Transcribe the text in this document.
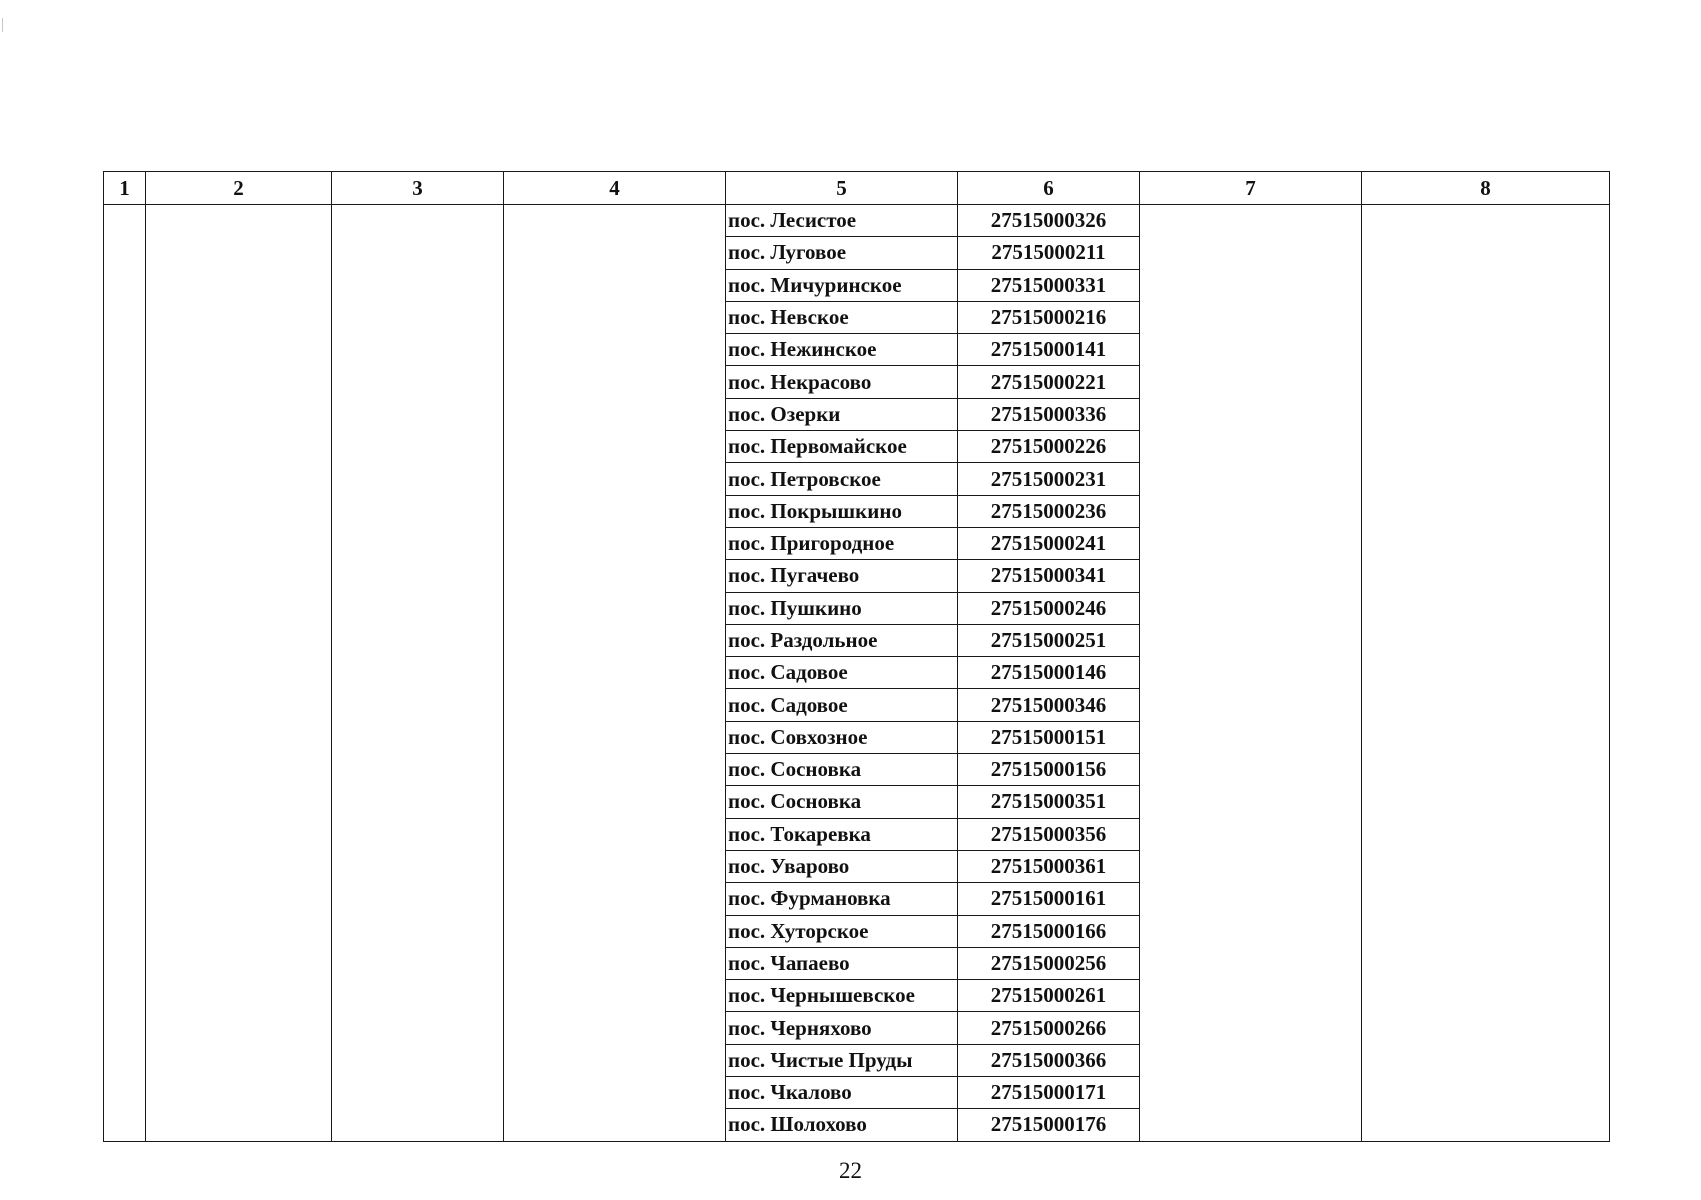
1	2	3	4	5	6	7	8
				пос. Лесистое	27515000326		
				пос. Луговое	27515000211		
				пос. Мичуринское	27515000331		
				пос. Невское	27515000216		
				пос. Нежинское	27515000141		
				пос. Некрасово	27515000221		
				пос. Озерки	27515000336		
				пос. Первомайское	27515000226		
				пос. Петровское	27515000231		
				пос. Покрышкино	27515000236		
				пос. Пригородное	27515000241		
				пос. Пугачево	27515000341		
				пос. Пушкино	27515000246		
				пос. Раздольное	27515000251		
				пос. Садовое	27515000146		
				пос. Садовое	27515000346		
				пос. Совхозное	27515000151		
				пос. Сосновка	27515000156		
				пос. Сосновка	27515000351		
				пос. Токаревка	27515000356		
				пос. Уварово	27515000361		
				пос. Фурмановка	27515000161		
				пос. Хуторское	27515000166		
				пос. Чапаево	27515000256		
				пос. Чернышевское	27515000261		
				пос. Черняхово	27515000266		
				пос. Чистые Пруды	27515000366		
				пос. Чкалово	27515000171		
				пос. Шолохово	27515000176		
22
